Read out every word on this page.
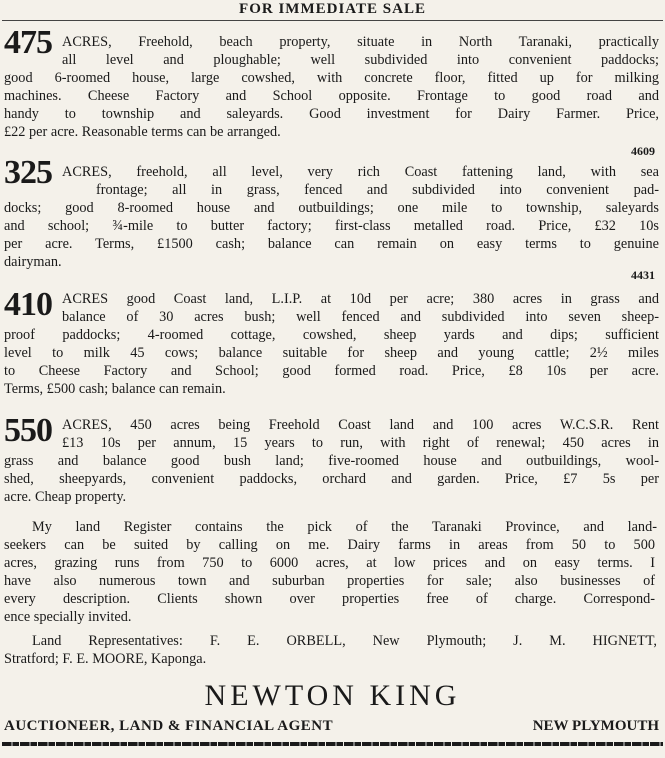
FOR IMMEDIATE SALE
475 ACRES, Freehold, beach property, situate in North Taranaki, practically
all level and ploughable; well subdivided into convenient paddocks;
good 6-roomed house, large cowshed, with concrete floor, fitted up for milking
machines. Cheese Factory and School opposite. Frontage to good road and
handy to township and saleyards. Good investment for Dairy Farmer. Price,
£22 per acre. Reasonable terms can be arranged.
4609
325 ACRES, freehold, all level, very rich Coast fattening land, with sea
frontage; all in grass, fenced and subdivided into convenient pad-
docks; good 8-roomed house and outbuildings; one mile to township, saleyards
and school; ¾-mile to butter factory; first-class metalled road. Price, £32 10s
per acre. Terms, £1500 cash; balance can remain on easy terms to genuine
dairyman.
4431
410 ACRES good Coast land, L.I.P. at 10d per acre; 380 acres in grass and
balance of 30 acres bush; well fenced and subdivided into seven sheep-
proof paddocks; 4-roomed cottage, cowshed, sheep yards and dips; sufficient
level to milk 45 cows; balance suitable for sheep and young cattle; 2½ miles
to Cheese Factory and School; good formed road. Price, £8 10s per acre.
Terms, £500 cash; balance can remain.
550 ACRES, 450 acres being Freehold Coast land and 100 acres W.C.S.R. Rent
£13 10s per annum, 15 years to run, with right of renewal; 450 acres in
grass and balance good bush land; five-roomed house and outbuildings, wool-
shed, sheepyards, convenient paddocks, orchard and garden. Price, £7 5s per
acre. Cheap property.
My land Register contains the pick of the Taranaki Province, and land-
seekers can be suited by calling on me. Dairy farms in areas from 50 to 500
acres, grazing runs from 750 to 6000 acres, at low prices and on easy terms. I
have also numerous town and suburban properties for sale; also businesses of
every description. Clients shown over properties free of charge. Correspond-
ence specially invited.
Land Representatives: F. E. ORBELL, New Plymouth; J. M. HIGNETT,
Stratford; F. E. MOORE, Kaponga.
NEWTON KING
AUCTIONEER, LAND & FINANCIAL AGENT	NEW PLYMOUTH
